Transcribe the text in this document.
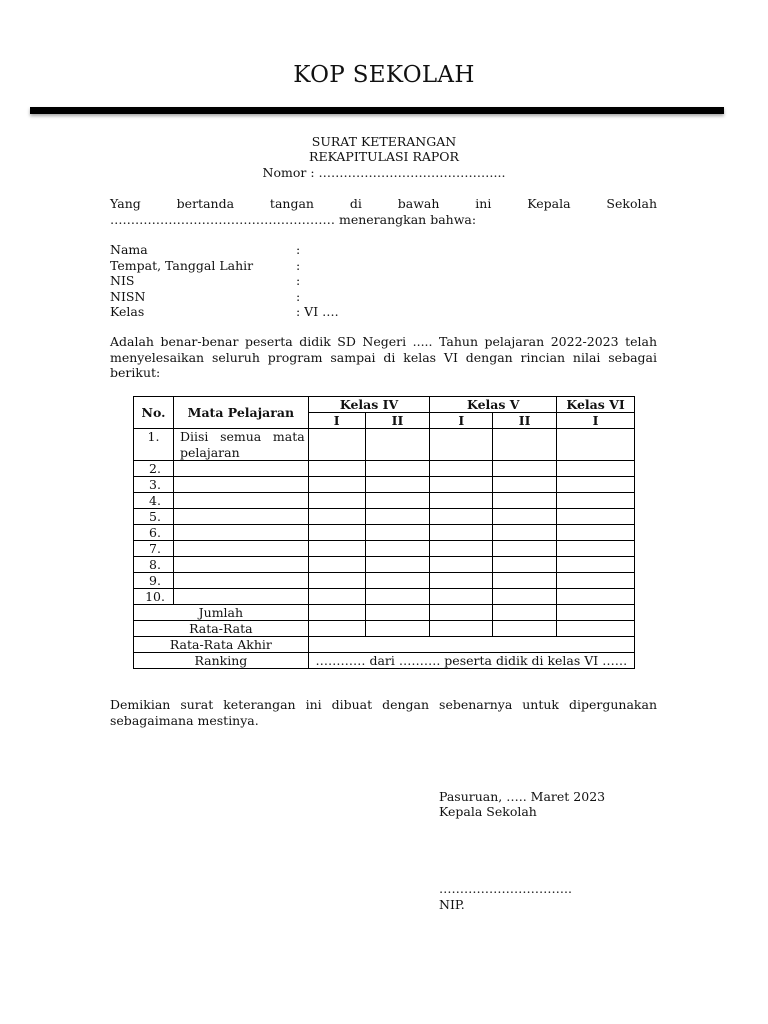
KOP SEKOLAH
SURAT KETERANGAN
REKAPITULASI RAPOR
Nomor : ……………………………………...
Yang bertanda tangan di bawah ini Kepala Sekolah ……………………………………………… menerangkan bahwa:
Nama	:
Tempat, Tanggal Lahir	:
NIS	:
NISN	:
Kelas	: VI ….
Adalah benar-benar peserta didik SD Negeri ..... Tahun pelajaran 2022-2023 telah menyelesaikan seluruh program sampai di kelas VI dengan rincian nilai sebagai berikut:
No.	Mata Pelajaran	Kelas IV		Kelas V		Kelas VI
		I	II	I	II	I
1.	Diisi semua mata pelajaran					
2.						
3.						
4.						
5.						
6.						
7.						
8.						
9.						
10.						
Jumlah						
Rata-Rata						
Rata-Rata Akhir						
Ranking		………… dari ………. peserta didik di kelas VI ……				
Demikian surat keterangan ini dibuat dengan sebenarnya untuk dipergunakan sebagaimana mestinya.
Pasuruan, ….. Maret 2023
Kepala Sekolah
…………………………..
NIP.
